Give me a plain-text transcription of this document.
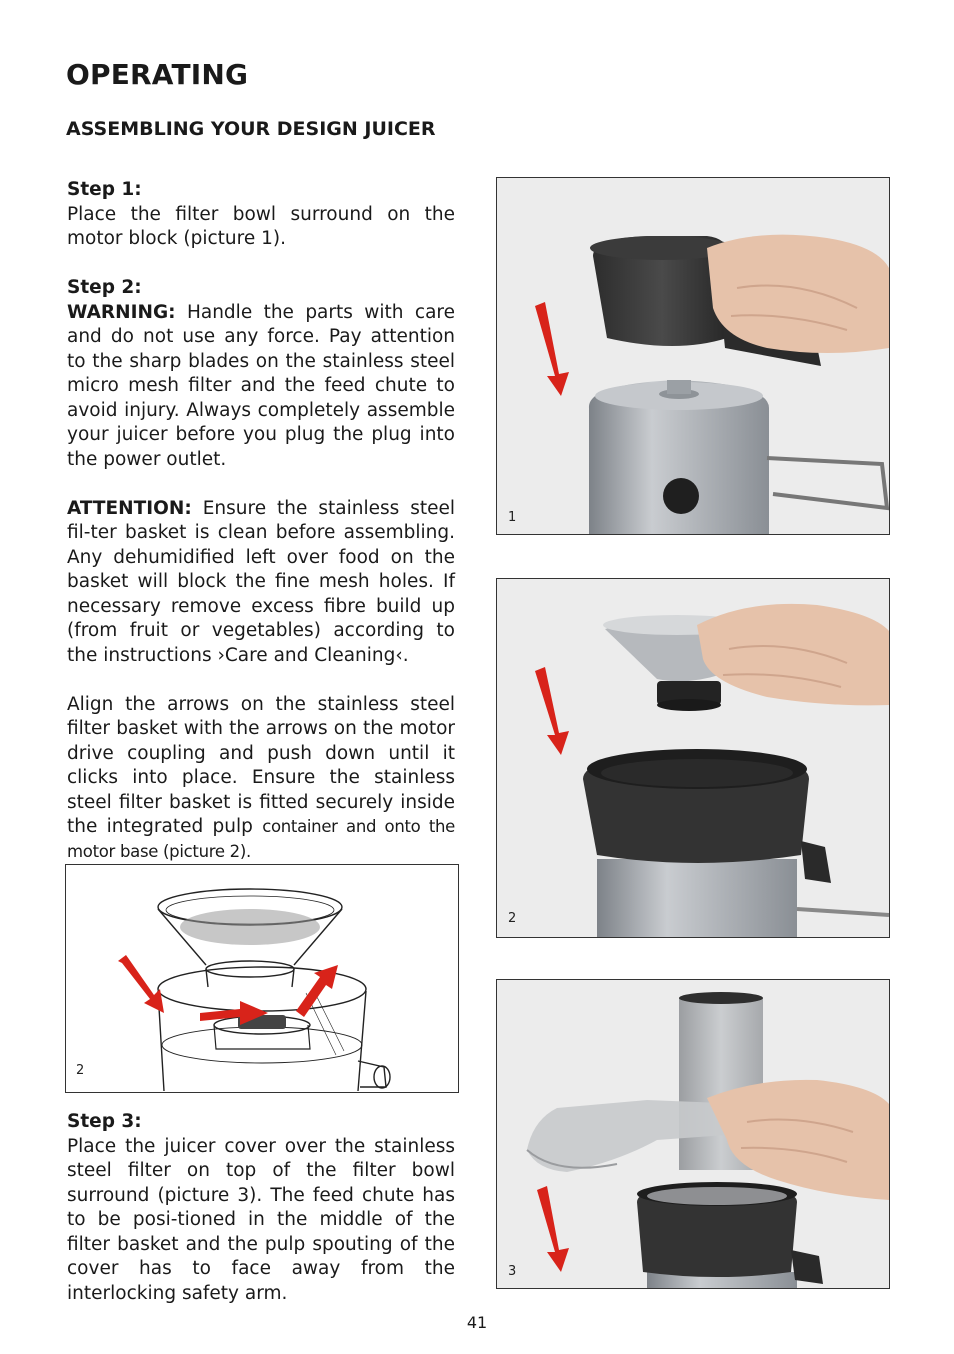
OPERATING
ASSEMBLING YOUR DESIGN JUICER

Step 1:
Place the filter bowl surround on the motor block (picture 1).

Step 2:
WARNING: Handle the parts with care and do not use any force. Pay attention to the sharp blades on the stainless steel micro mesh filter and the feed chute to avoid injury. Always completely assemble your juicer before you plug the plug into the power outlet.

ATTENTION: Ensure the stainless steel fil-ter basket is clean before assembling. Any dehumidified left over food on the basket will block the fine mesh holes. If necessary remove excess fibre build up (from fruit or vegetables) according to the instructions ›Care and Cleaning‹.

Align the arrows on the stainless steel filter basket with the arrows on the motor drive coupling and push down until it clicks into place. Ensure the stainless steel filter basket is fitted securely inside the integrated pulp container and onto the motor base (picture 2).

2

Step 3:
Place the juicer cover over the stainless steel filter on top of the filter bowl surround (picture 3). The feed chute has to be posi-tioned in the middle of the filter basket and the pulp spouting of the cover has to face away from the interlocking safety arm.

1
2
3
41
